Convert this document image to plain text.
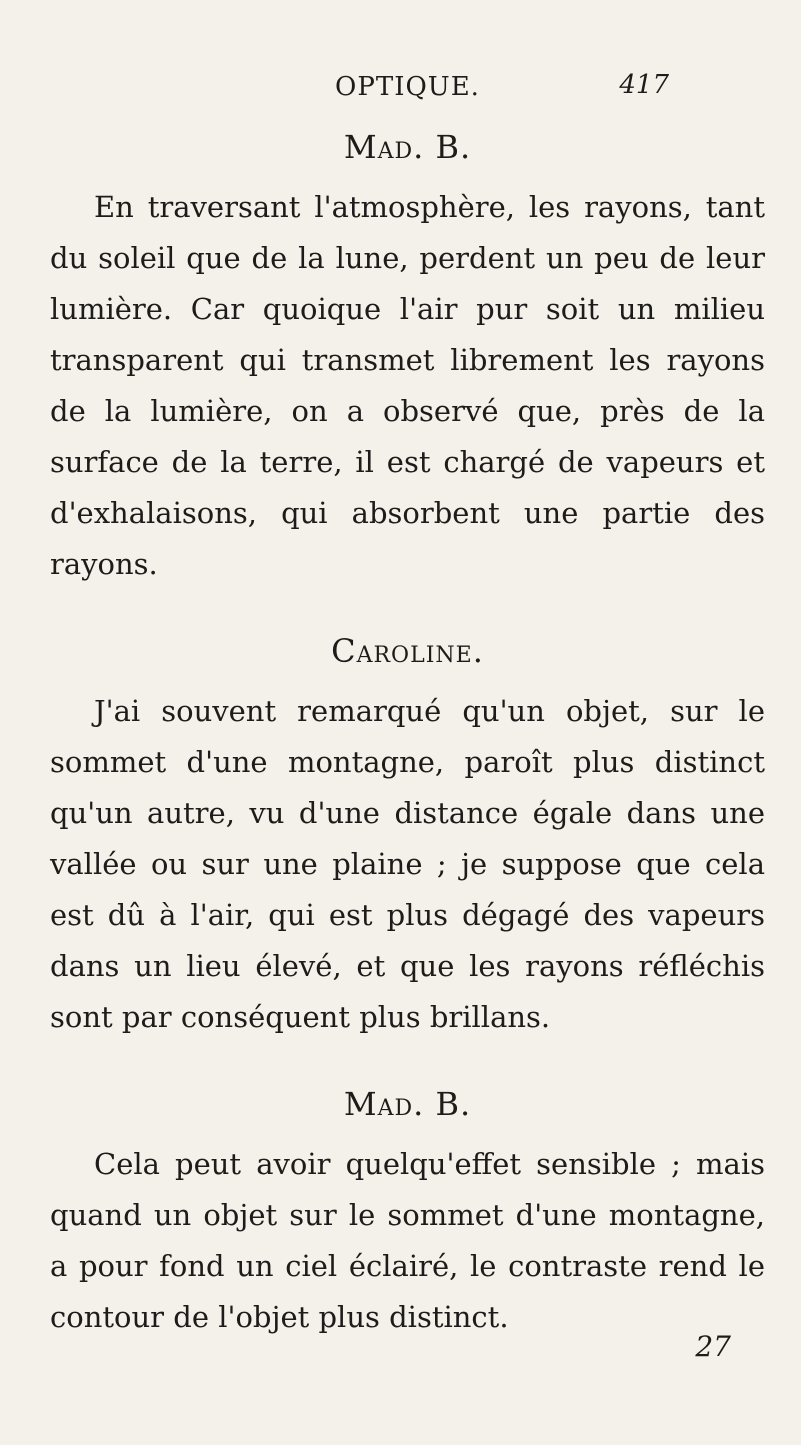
OPTIQUE.	417
Mad. B.

En traversant l'atmosphère, les rayons, tant du soleil que de la lune, perdent un peu de leur lumière. Car quoique l'air pur soit un milieu transparent qui transmet librement les rayons de la lumière, on a observé que, près de la surface de la terre, il est chargé de vapeurs et d'exhalaisons, qui absorbent une partie des rayons.

Caroline.

J'ai souvent remarqué qu'un objet, sur le sommet d'une montagne, paroît plus distinct qu'un autre, vu d'une distance égale dans une vallée ou sur une plaine ; je suppose que cela est dû à l'air, qui est plus dégagé des vapeurs dans un lieu élevé, et que les rayons réfléchis sont par conséquent plus brillans.

Mad. B.

Cela peut avoir quelqu'effet sensible ; mais quand un objet sur le sommet d'une montagne, a pour fond un ciel éclairé, le contraste rend le contour de l'objet plus distinct.

27
